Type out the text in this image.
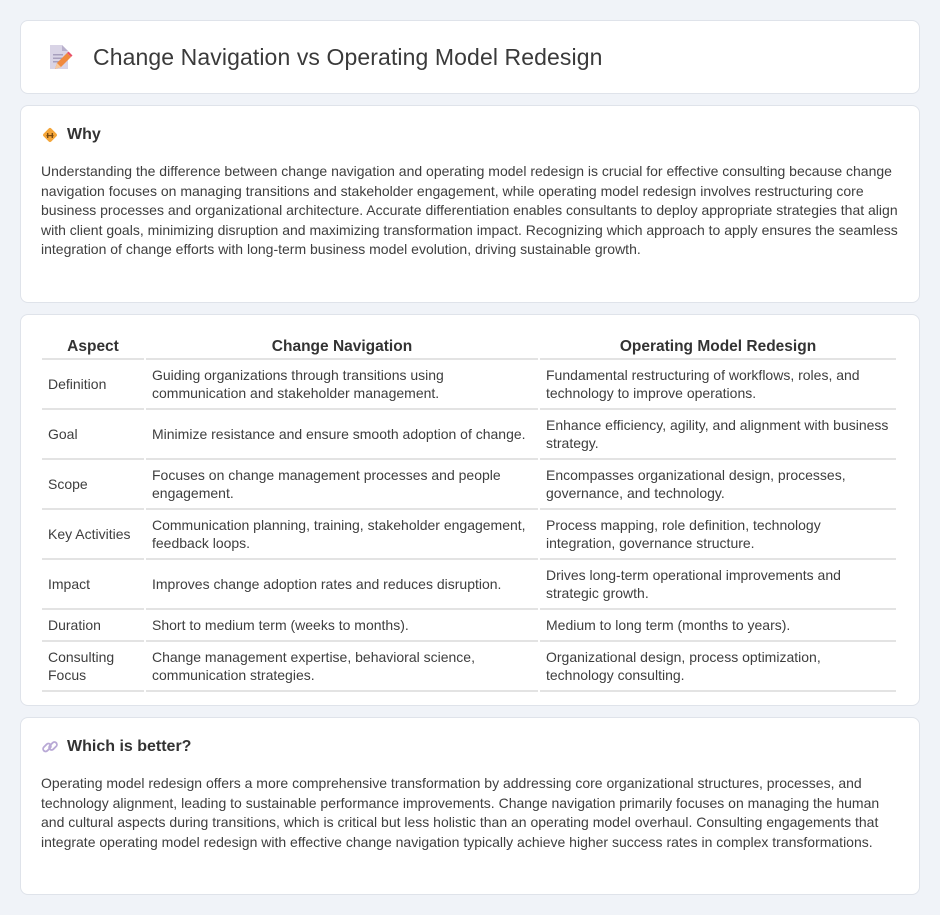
Change Navigation vs Operating Model Redesign
Why

Understanding the difference between change navigation and operating model redesign is crucial for effective consulting because change navigation focuses on managing transitions and stakeholder engagement, while operating model redesign involves restructuring core business processes and organizational architecture. Accurate differentiation enables consultants to deploy appropriate strategies that align with client goals, minimizing disruption and maximizing transformation impact. Recognizing which approach to apply ensures the seamless integration of change efforts with long-term business model evolution, driving sustainable growth.

Aspect	Change Navigation	Operating Model Redesign
Definition	Guiding organizations through transitions using communication and stakeholder management.	Fundamental restructuring of workflows, roles, and technology to improve operations.
Goal	Minimize resistance and ensure smooth adoption of change.	Enhance efficiency, agility, and alignment with business strategy.
Scope	Focuses on change management processes and people engagement.	Encompasses organizational design, processes, governance, and technology.
Key Activities	Communication planning, training, stakeholder engagement, feedback loops.	Process mapping, role definition, technology integration, governance structure.
Impact	Improves change adoption rates and reduces disruption.	Drives long-term operational improvements and strategic growth.
Duration	Short to medium term (weeks to months).	Medium to long term (months to years).
Consulting Focus	Change management expertise, behavioral science, communication strategies.	Organizational design, process optimization, technology consulting.
Which is better?

Operating model redesign offers a more comprehensive transformation by addressing core organizational structures, processes, and technology alignment, leading to sustainable performance improvements. Change navigation primarily focuses on managing the human and cultural aspects during transitions, which is critical but less holistic than an operating model overhaul. Consulting engagements that integrate operating model redesign with effective change navigation typically achieve higher success rates in complex transformations.
